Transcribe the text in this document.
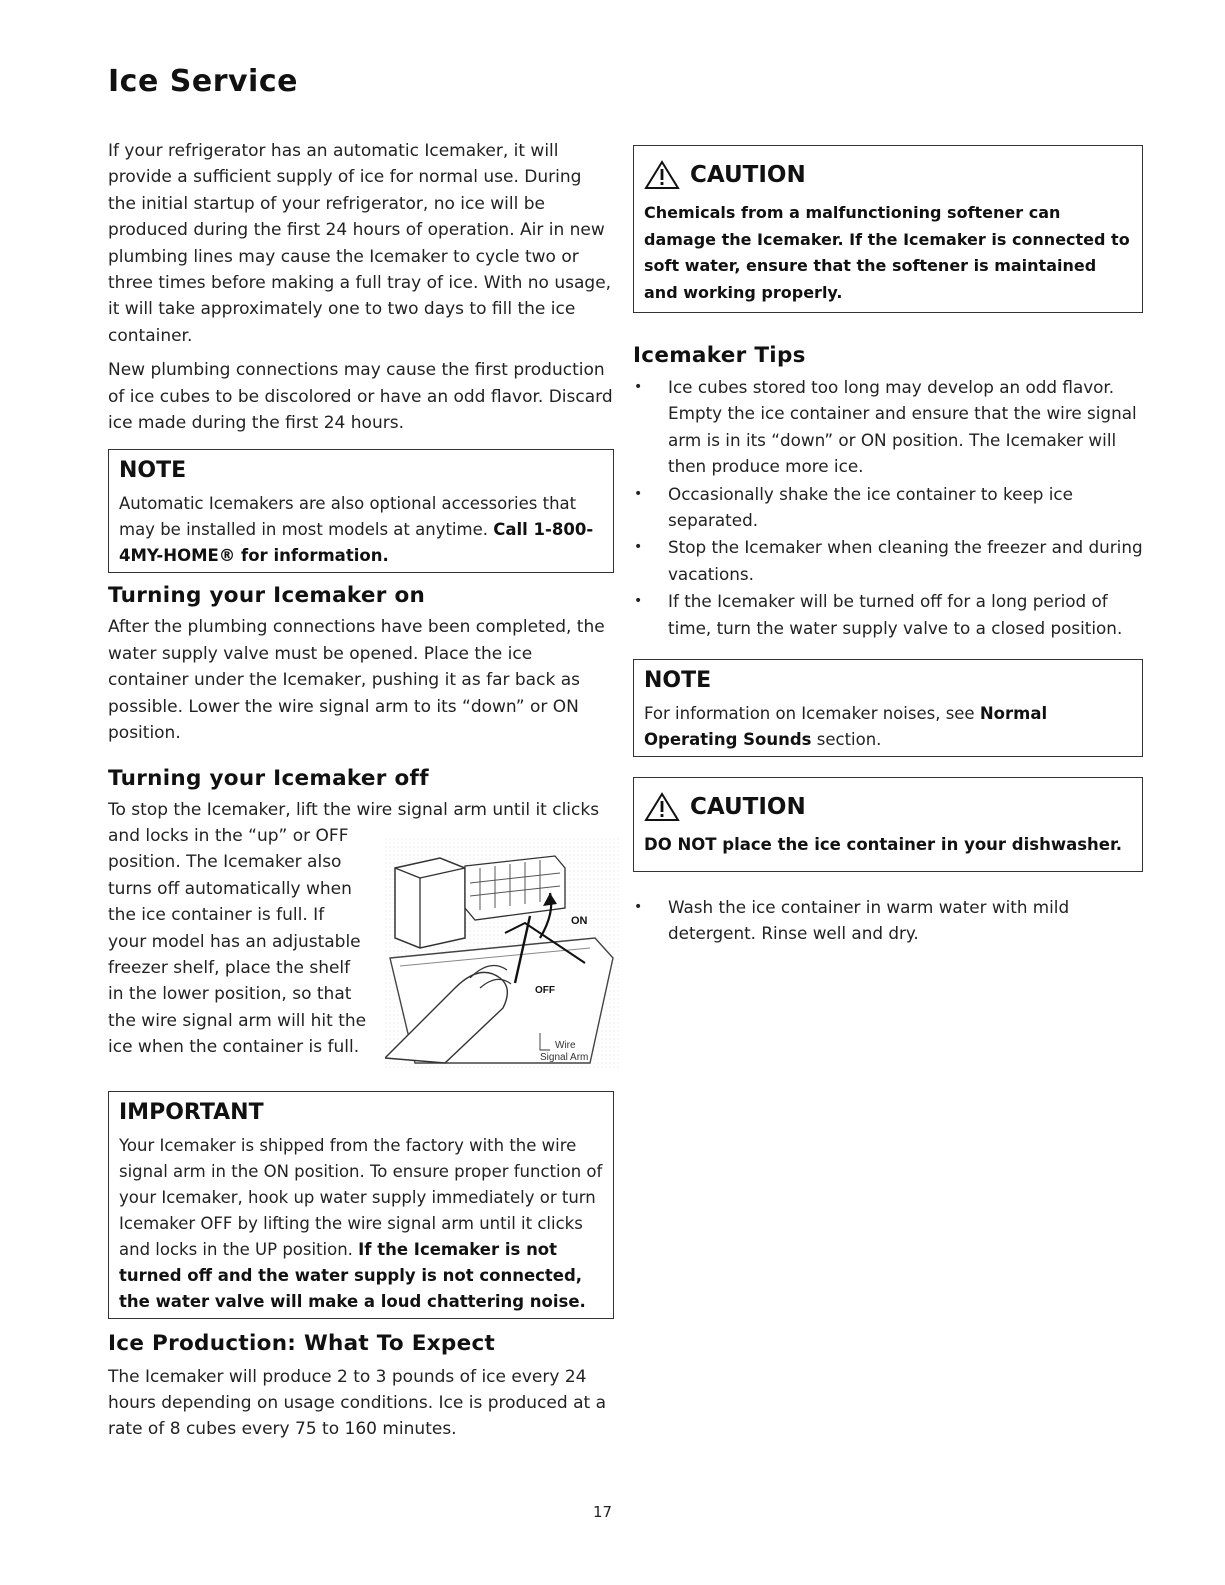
Ice Service

If your refrigerator has an automatic Icemaker, it will provide a sufficient supply of ice for normal use. During the initial startup of your refrigerator, no ice will be produced during the first 24 hours of operation. Air in new plumbing lines may cause the Icemaker to cycle two or three times before making a full tray of ice. With no usage, it will take approximately one to two days to fill the ice container.

New plumbing connections may cause the first production of ice cubes to be discolored or have an odd flavor. Discard ice made during the first 24 hours.

NOTE

Automatic Icemakers are also optional accessories that may be installed in most models at anytime. Call 1-800-4MY-HOME® for information.

Turning your Icemaker on

After the plumbing connections have been completed, the water supply valve must be opened. Place the ice container under the Icemaker, pushing it as far back as possible. Lower the wire signal arm to its “down” or ON position.

Turning your Icemaker off

To stop the Icemaker, lift the wire signal arm until it clicks

and locks in the “up” or OFF
position. The Icemaker also
turns off automatically when
the ice container is full. If
your model has an adjustable
freezer shelf, place the shelf
in the lower position, so that
the wire signal arm will hit the
ice when the container is full.
ON
OFF
Wire
Signal Arm
IMPORTANT

Your Icemaker is shipped from the factory with the wire signal arm in the ON position. To ensure proper function of your Icemaker, hook up water supply immediately or turn Icemaker OFF by lifting the wire signal arm until it clicks and locks in the UP position. If the Icemaker is not turned off and the water supply is not connected, the water valve will make a loud chattering noise.

Ice Production: What To Expect

The Icemaker will produce 2 to 3 pounds of ice every 24 hours depending on usage conditions. Ice is produced at a rate of 8 cubes every 75 to 160 minutes.

CAUTION

Chemicals from a malfunctioning softener can damage the Icemaker. If the Icemaker is connected to soft water, ensure that the softener is maintained and working properly.

Icemaker Tips
• Ice cubes stored too long may develop an odd flavor. Empty the ice container and ensure that the wire signal arm is in its “down” or ON position. The Icemaker will then produce more ice.
• Occasionally shake the ice container to keep ice separated.
• Stop the Icemaker when cleaning the freezer and during vacations.
• If the Icemaker will be turned off for a long period of time, turn the water supply valve to a closed position.
NOTE

For information on Icemaker noises, see Normal Operating Sounds section.

CAUTION

DO NOT place the ice container in your dishwasher.

• Wash the ice container in warm water with mild detergent. Rinse well and dry.
17
